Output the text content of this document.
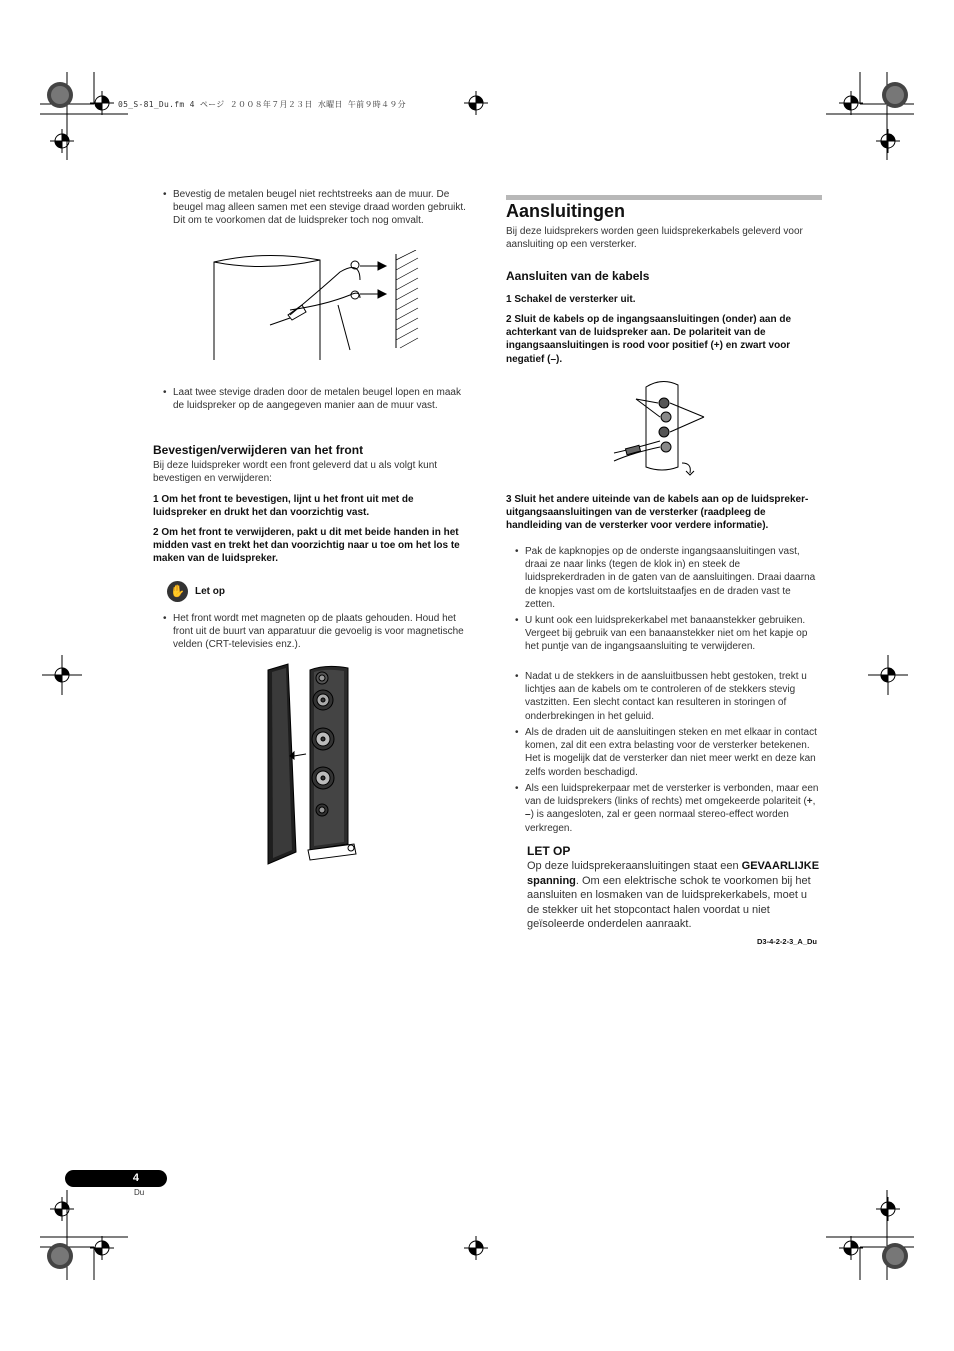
05_S-81_Du.fm 4 ページ ２００８年７月２３日 水曜日 午前９時４９分
• Bevestig de metalen beugel niet rechtstreeks aan de muur. De beugel mag alleen samen met een stevige draad worden gebruikt. Dit om te voorkomen dat de luidspreker toch nog omvalt.
• Laat twee stevige draden door de metalen beugel lopen en maak de luidspreker op de aangegeven manier aan de muur vast.
Bevestigen/verwijderen van het front
Bij deze luidspreker wordt een front geleverd dat u als volgt kunt bevestigen en verwijderen:
1 Om het front te bevestigen, lijnt u het front uit met de luidspreker en drukt het dan voorzichtig vast.
2 Om het front te verwijderen, pakt u dit met beide handen in het midden vast en trekt het dan voorzichtig naar u toe om het los te maken van de luidspreker.
✋	Let op
• Het front wordt met magneten op de plaats gehouden. Houd het front uit de buurt van apparatuur die gevoelig is voor magnetische velden (CRT-televisies enz.).
Aansluitingen
Bij deze luidsprekers worden geen luidsprekerkabels geleverd voor aansluiting op een versterker.
Aansluiten van de kabels
1 Schakel de versterker uit.
2 Sluit de kabels op de ingangsaansluitingen (onder) aan de achterkant van de luidspreker aan. De polariteit van de ingangsaansluitingen is rood voor positief (+) en zwart voor negatief (–).
3 Sluit het andere uiteinde van de kabels aan op de luidspreker-uitgangsaansluitingen van de versterker (raadpleeg de handleiding van de versterker voor verdere informatie).
• Pak de kapknopjes op de onderste ingangsaansluitingen vast, draai ze naar links (tegen de klok in) en steek de luidsprekerdraden in de gaten van de aansluitingen. Draai daarna de knopjes vast om de kortsluitstaafjes en de draden vast te zetten.
• U kunt ook een luidsprekerkabel met banaanstekker gebruiken. Vergeet bij gebruik van een banaanstekker niet om het kapje op het puntje van de ingangsaansluiting te verwijderen.
• Nadat u de stekkers in de aansluitbussen hebt gestoken, trekt u lichtjes aan de kabels om te controleren of de stekkers stevig vastzitten. Een slecht contact kan resulteren in storingen of onderbrekingen in het geluid.
• Als de draden uit de aansluitingen steken en met elkaar in contact komen, zal dit een extra belasting voor de versterker betekenen. Het is mogelijk dat de versterker dan niet meer werkt en deze kan zelfs worden beschadigd.
• Als een luidsprekerpaar met de versterker is verbonden, maar een van de luidsprekers (links of rechts) met omgekeerde polariteit (+, –) is aangesloten, zal er geen normaal stereo-effect worden verkregen.
LET OP
Op deze luidsprekeraansluitingen staat een GEVAARLIJKE spanning. Om een elektrische schok te voorkomen bij het aansluiten en losmaken van de luidsprekerkabels, moet u de stekker uit het stopcontact halen voordat u niet geïsoleerde onderdelen aanraakt.
D3-4-2-2-3_A_Du
4
Du
